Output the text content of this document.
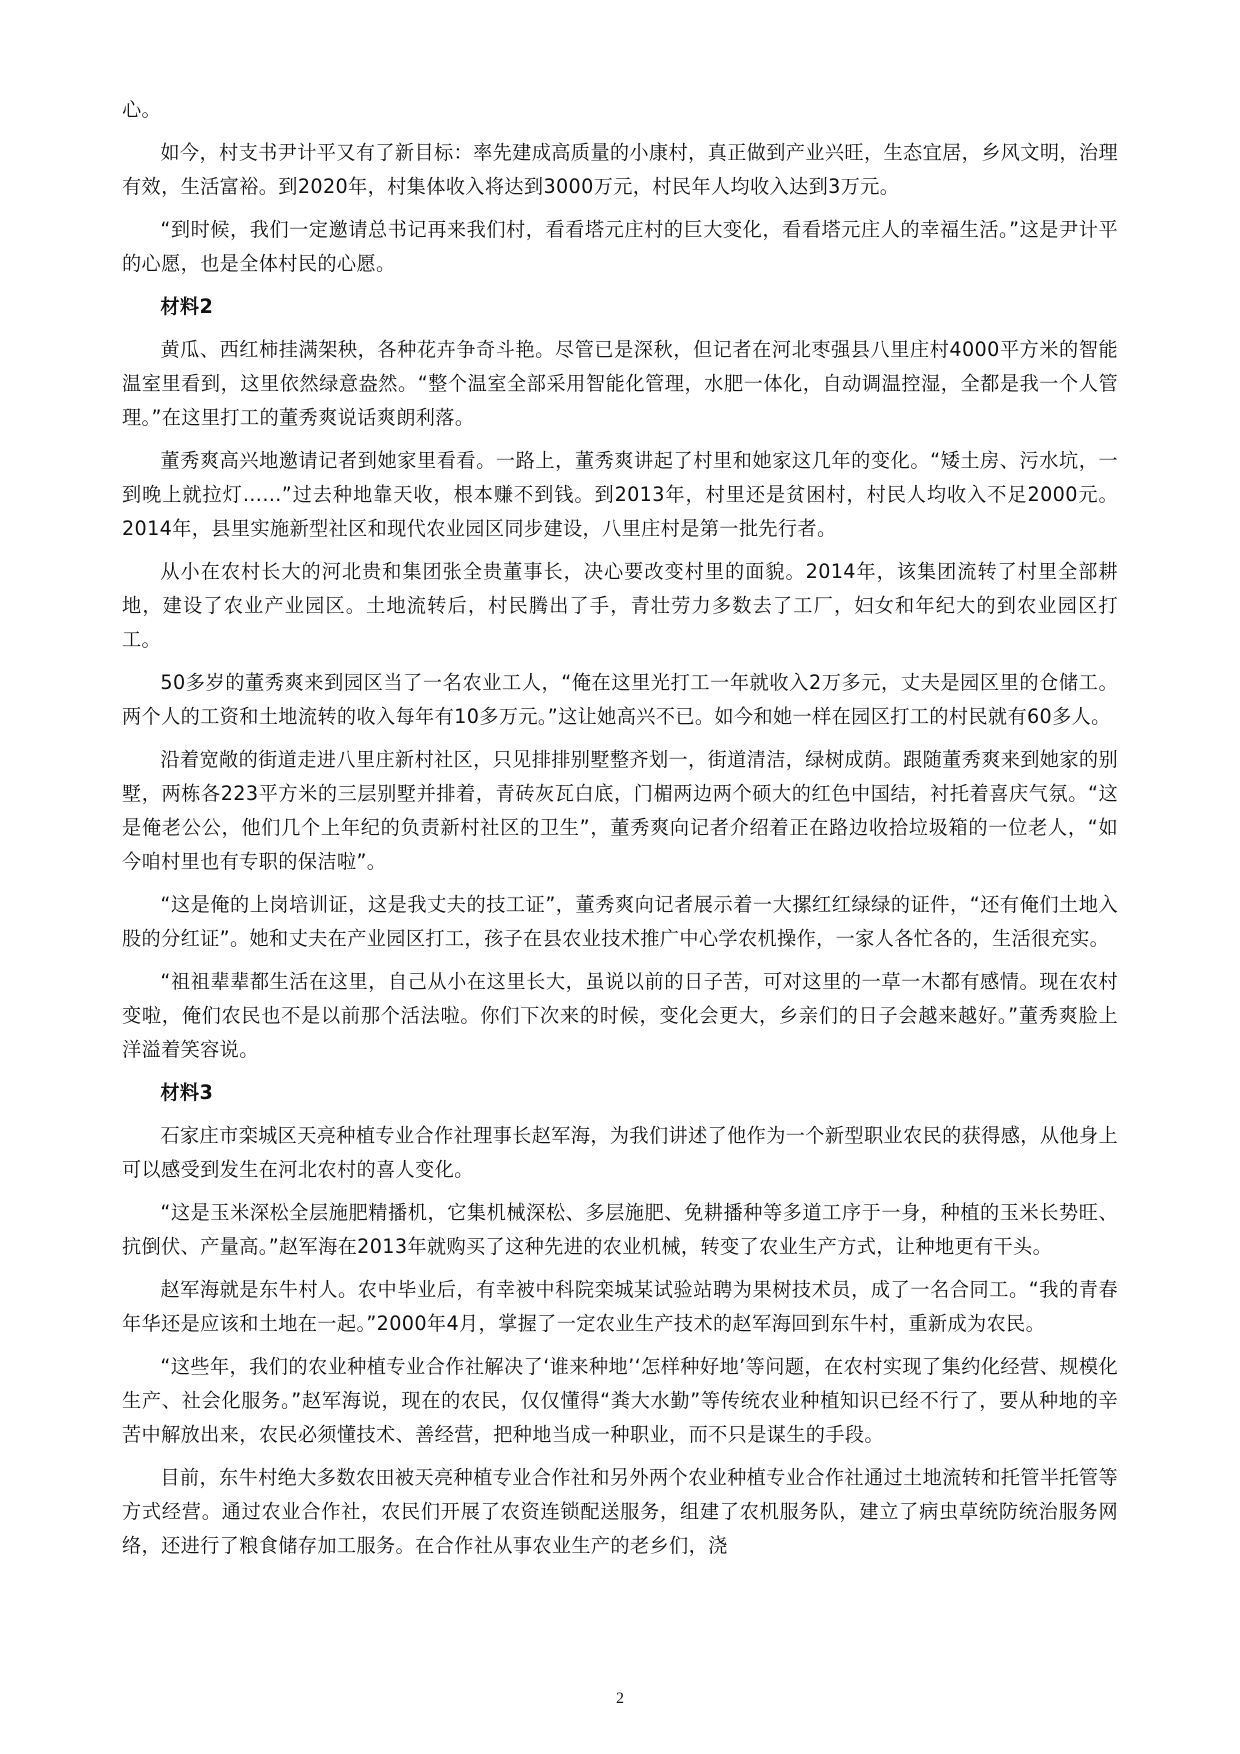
心。

如今，村支书尹计平又有了新目标：率先建成高质量的小康村，真正做到产业兴旺，生态宜居，乡风文明，治理有效，生活富裕。到2020年，村集体收入将达到3000万元，村民年人均收入达到3万元。

“到时候，我们一定邀请总书记再来我们村，看看塔元庄村的巨大变化，看看塔元庄人的幸福生活。”这是尹计平的心愿，也是全体村民的心愿。

材料2

黄瓜、西红柿挂满架秧，各种花卉争奇斗艳。尽管已是深秋，但记者在河北枣强县八里庄村4000平方米的智能温室里看到，这里依然绿意盎然。“整个温室全部采用智能化管理，水肥一体化，自动调温控湿，全都是我一个人管理。”在这里打工的董秀爽说话爽朗利落。

董秀爽高兴地邀请记者到她家里看看。一路上，董秀爽讲起了村里和她家这几年的变化。“矮土房、污水坑，一到晚上就拉灯……”过去种地靠天收，根本赚不到钱。到2013年，村里还是贫困村，村民人均收入不足2000元。2014年，县里实施新型社区和现代农业园区同步建设，八里庄村是第一批先行者。

从小在农村长大的河北贵和集团张全贵董事长，决心要改变村里的面貌。2014年，该集团流转了村里全部耕地，建设了农业产业园区。土地流转后，村民腾出了手，青壮劳力多数去了工厂，妇女和年纪大的到农业园区打工。

50多岁的董秀爽来到园区当了一名农业工人，“俺在这里光打工一年就收入2万多元，丈夫是园区里的仓储工。两个人的工资和土地流转的收入每年有10多万元。”这让她高兴不已。如今和她一样在园区打工的村民就有60多人。

沿着宽敞的街道走进八里庄新村社区，只见排排别墅整齐划一，街道清洁，绿树成荫。跟随董秀爽来到她家的别墅，两栋各223平方米的三层别墅并排着，青砖灰瓦白底，门楣两边两个硕大的红色中国结，衬托着喜庆气氛。“这是俺老公公，他们几个上年纪的负责新村社区的卫生”，董秀爽向记者介绍着正在路边收拾垃圾箱的一位老人，“如今咱村里也有专职的保洁啦”。

“这是俺的上岗培训证，这是我丈夫的技工证”，董秀爽向记者展示着一大摞红红绿绿的证件，“还有俺们土地入股的分红证”。她和丈夫在产业园区打工，孩子在县农业技术推广中心学农机操作，一家人各忙各的，生活很充实。

“祖祖辈辈都生活在这里，自己从小在这里长大，虽说以前的日子苦，可对这里的一草一木都有感情。现在农村变啦，俺们农民也不是以前那个活法啦。你们下次来的时候，变化会更大，乡亲们的日子会越来越好。”董秀爽脸上洋溢着笑容说。

材料3

石家庄市栾城区天亮种植专业合作社理事长赵军海，为我们讲述了他作为一个新型职业农民的获得感，从他身上可以感受到发生在河北农村的喜人变化。

“这是玉米深松全层施肥精播机，它集机械深松、多层施肥、免耕播种等多道工序于一身，种植的玉米长势旺、抗倒伏、产量高。”赵军海在2013年就购买了这种先进的农业机械，转变了农业生产方式，让种地更有干头。

赵军海就是东牛村人。农中毕业后，有幸被中科院栾城某试验站聘为果树技术员，成了一名合同工。“我的青春年华还是应该和土地在一起。”2000年4月，掌握了一定农业生产技术的赵军海回到东牛村，重新成为农民。

“这些年，我们的农业种植专业合作社解决了‘谁来种地’‘怎样种好地’等问题，在农村实现了集约化经营、规模化生产、社会化服务。”赵军海说，现在的农民，仅仅懂得“粪大水勤”等传统农业种植知识已经不行了，要从种地的辛苦中解放出来，农民必须懂技术、善经营，把种地当成一种职业，而不只是谋生的手段。

目前，东牛村绝大多数农田被天亮种植专业合作社和另外两个农业种植专业合作社通过土地流转和托管半托管等方式经营。通过农业合作社，农民们开展了农资连锁配送服务，组建了农机服务队，建立了病虫草统防统治服务网络，还进行了粮食储存加工服务。在合作社从事农业生产的老乡们，浇

2
